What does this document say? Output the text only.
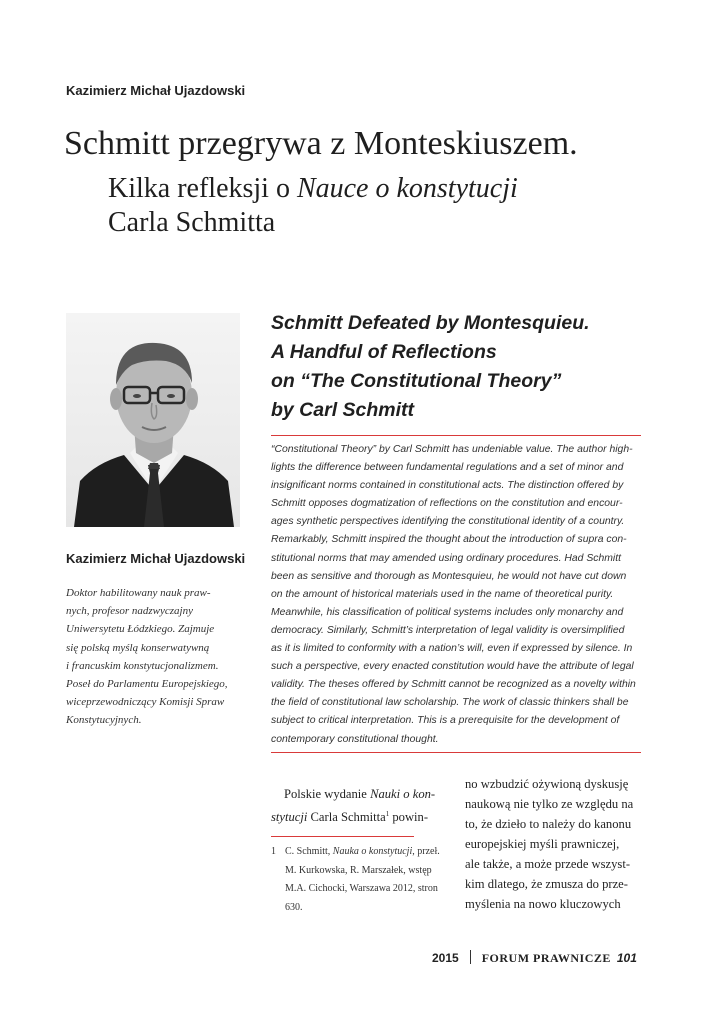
Kazimierz Michał Ujazdowski
Schmitt przegrywa z Monteskiuszem.
Kilka refleksji o Nauce o konstytucji
Carla Schmitta
Kazimierz Michał Ujazdowski
Doktor habilitowany nauk praw-
nych, profesor nadzwyczajny
Uniwersytetu Łódzkiego. Zajmuje
się polską myślą konserwatywną
i francuskim konstytucjonalizmem.
Poseł do Parlamentu Europejskiego,
wiceprzewodniczący Komisji Spraw
Konstytucyjnych.
Schmitt Defeated by Montesquieu.
A Handful of Reflections
on “The Constitutional Theory”
by Carl Schmitt
“Constitutional Theory” by Carl Schmitt has undeniable value. The author high-
lights the difference between fundamental regulations and a set of minor and
insignificant norms contained in constitutional acts. The distinction offered by
Schmitt opposes dogmatization of reflections on the constitution and encour-
ages synthetic perspectives identifying the constitutional identity of a country.
Remarkably, Schmitt inspired the thought about the introduction of supra con-
stitutional norms that may amended using ordinary procedures. Had Schmitt
been as sensitive and thorough as Montesquieu, he would not have cut down
on the amount of historical materials used in the name of theoretical purity.
Meanwhile, his classification of political systems includes only monarchy and
democracy. Similarly, Schmitt’s interpretation of legal validity is oversimplified
as it is limited to conformity with a nation’s will, even if expressed by silence. In
such a perspective, every enacted constitution would have the attribute of legal
validity. The theses offered by Schmitt cannot be recognized as a novelty within
the field of constitutional law scholarship. The work of classic thinkers shall be
subject to critical interpretation. This is a prerequisite for the development of
contemporary constitutional thought.
Polskie wydanie Nauki o kon-
stytucji Carla Schmitta$^1$ powin-
1 C. Schmitt, Nauka o konstytucji, przeł.
M. Kurkowska, R. Marszałek, wstęp
M.A. Cichocki, Warszawa 2012, stron
630.
no wzbudzić ożywioną dyskusję
naukową nie tylko ze względu na
to, że dzieło to należy do kanonu
europejskiej myśli prawniczej,
ale także, a może przede wszyst-
kim dlatego, że zmusza do prze-
myślenia na nowo kluczowych
2015 FORUM PRAWNICZE 101
